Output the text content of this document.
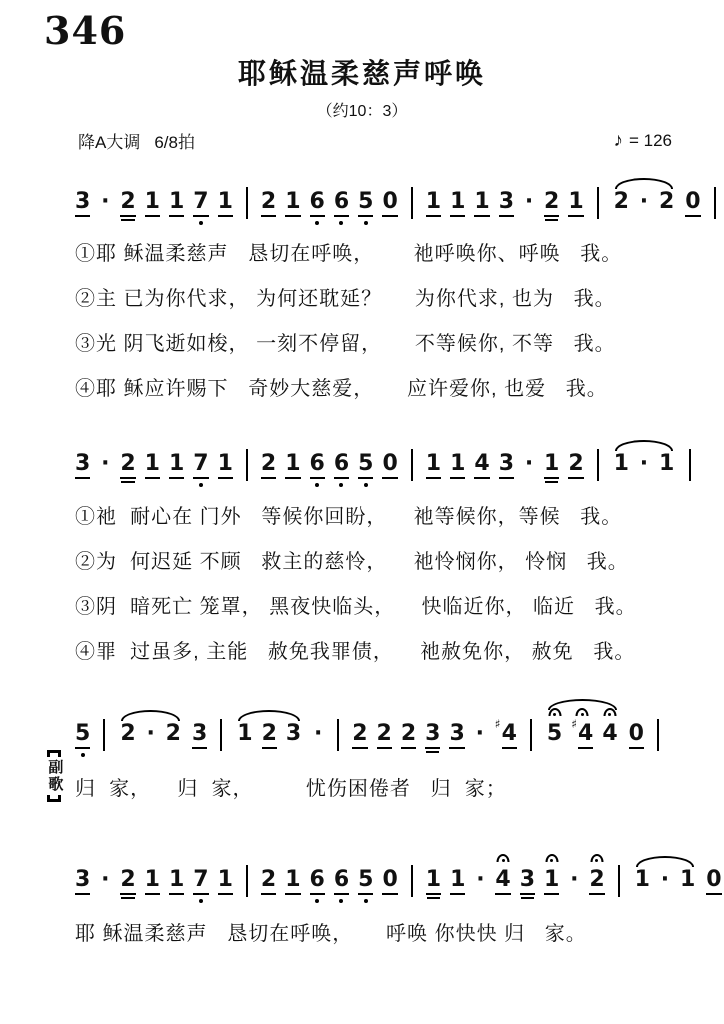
346
耶稣温柔慈声呼唤
（约10：3）
降A大调 6/8拍	♪ = 126
3 · 2 1 1 7 1 2 1 6 6 5 0 1 1 1 3 · 2 1 2 · 2 0
①耶 稣温柔慈声   恳切在呼唤，      祂呼唤你、呼唤   我。
②主 已为你代求， 为何还耽延？     为你代求, 也为   我。
③光 阴飞逝如梭， 一刻不停留，     不等候你, 不等   我。
④耶 稣应许赐下   奇妙大慈爱，     应许爱你, 也爱   我。
3 · 2 1 1 7 1 2 1 6 6 5 0 1 1 4 3 · 1 2 1 · 1
①祂  耐心在 门外   等候你回盼，    祂等候你，等候   我。
②为  何迟延 不顾   救主的慈怜，    祂怜悯你， 怜悯   我。
③阴  暗死亡 笼罩， 黑夜快临头，    快临近你， 临近   我。
④罪  过虽多, 主能   赦免我罪债，    祂赦免你， 赦免   我。
5 2 · 2 3 1 2 3 · 2 2 2 3 3 · ♯ 4 5 ♯ 4 4 0
副歌 归  家，    归  家，        忧伤困倦者   归  家；
3 · 2 1 1 7 1 2 1 6 6 5 0 1 1 · 4 3 1 · 2 1 · 1 0
耶 稣温柔慈声   恳切在呼唤，     呼唤 你快快 归   家。
